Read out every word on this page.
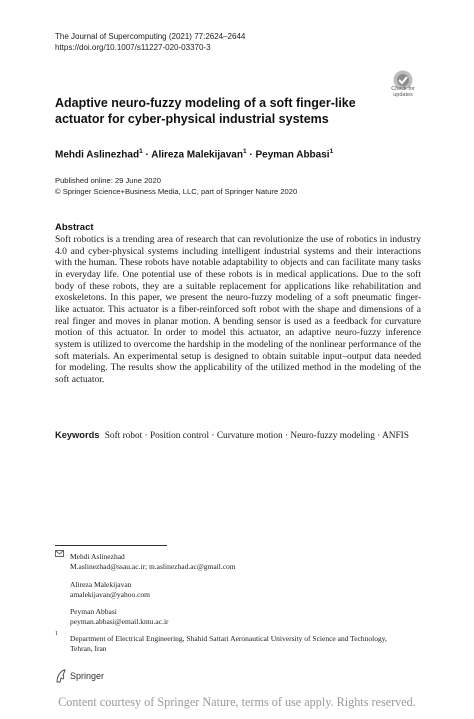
The Journal of Supercomputing (2021) 77:2624–2644
https://doi.org/10.1007/s11227-020-03370-3
Check for
updates
Adaptive neuro-fuzzy modeling of a soft finger-like actuator for cyber-physical industrial systems
Mehdi Aslinezhad$^1$ · Alireza Malekijavan$^1$ · Peyman Abbasi$^1$
Published online: 29 June 2020
© Springer Science+Business Media, LLC, part of Springer Nature 2020
Abstract

Soft robotics is a trending area of research that can revolutionize the use of robotics in industry 4.0 and cyber-physical systems including intelligent industrial systems and their interactions with the human. These robots have notable adaptability to objects and can facilitate many tasks in everyday life. One potential use of these robots is in medical applications. Due to the soft body of these robots, they are a suitable replacement for applications like rehabilitation and exoskeletons. In this paper, we present the neuro-fuzzy modeling of a soft pneumatic finger-like actuator. This actuator is a fiber-reinforced soft robot with the shape and dimensions of a real finger and moves in planar motion. A bending sensor is used as a feedback for curvature motion of this actuator. In order to model this actuator, an adaptive neuro-fuzzy inference system is utilized to overcome the hardship in the modeling of the nonlinear performance of the soft materials. An experimental setup is designed to obtain suitable input–output data needed for modeling. The results show the applicability of the utilized method in the modeling of the soft actuator.

Keywords Soft robot · Position control · Curvature motion · Neuro-fuzzy modeling · ANFIS
Mehdi Aslinezhad
M.aslinezhad@ssau.ac.ir; m.aslinezhad.ac@gmail.com
Alireza Malekijavan
amalekijavan@yahoo.com
Peyman Abbasi
peyman.abbasi@email.kntu.ac.ir
1 Department of Electrical Engineering, Shahid Sattari Aeronautical University of Science and Technology, Tehran, Iran
Springer
Content courtesy of Springer Nature, terms of use apply. Rights reserved.
